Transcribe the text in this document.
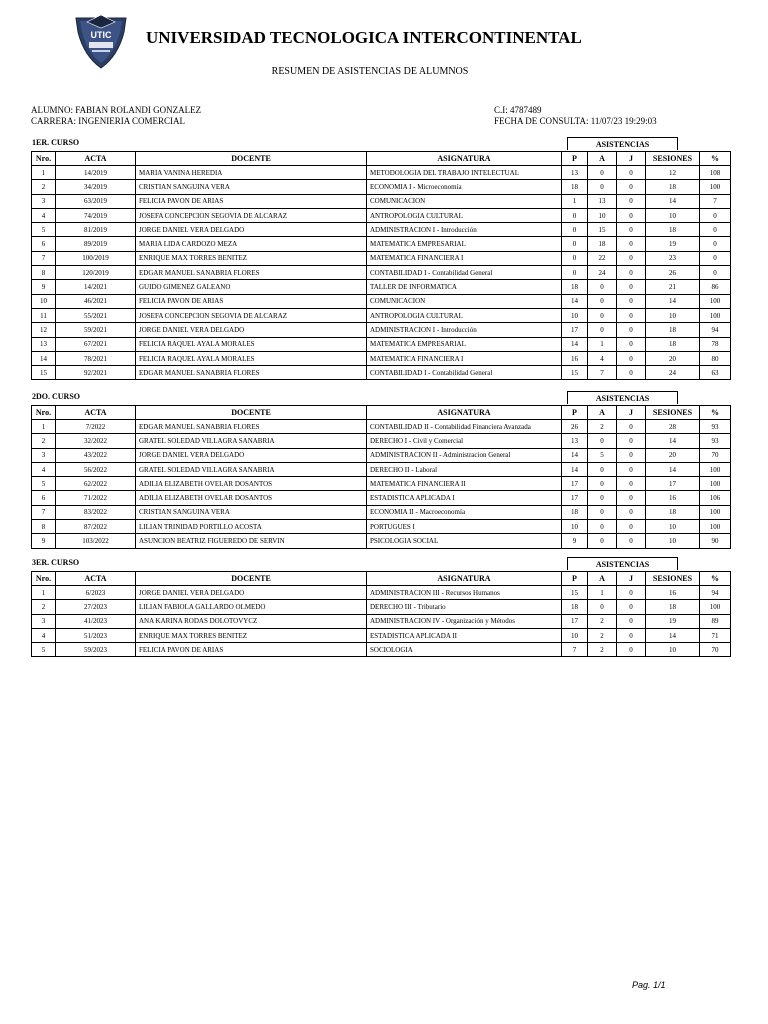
UTIC UNIVERSIDAD TECNOLOGICA INTERCONTINENTAL
RESUMEN DE ASISTENCIAS DE ALUMNOS
ALUMNO: FABIAN ROLANDI GONZALEZ
CARRERA: INGENIERIA COMERCIAL
C.I: 4787489
FECHA DE CONSULTA: 11/07/23 19:29:03
1ER. CURSO	ASISTENCIAS
Nro.	ACTA	DOCENTE	ASIGNATURA	P	A	J	SESIONES	%
1	14/2019	MARIA VANINA HEREDIA	METODOLOGIA DEL TRABAJO INTELECTUAL	13	0	0	12	108
2	34/2019	CRISTIAN SANGUINA VERA	ECONOMIA I - Microeconomía	18	0	0	18	100
3	63/2019	FELICIA PAVON DE ARIAS	COMUNICACION	1	13	0	14	7
4	74/2019	JOSEFA CONCEPCION SEGOVIA DE ALCARAZ	ANTROPOLOGIA CULTURAL	0	10	0	10	0
5	81/2019	JORGE DANIEL VERA DELGADO	ADMINISTRACION I - Introducción	0	15	0	18	0
6	89/2019	MARIA LIDA CARDOZO MEZA	MATEMATICA EMPRESARIAL	0	18	0	19	0
7	100/2019	ENRIQUE MAX TORRES BENITEZ	MATEMATICA FINANCIERA I	0	22	0	23	0
8	120/2019	EDGAR MANUEL SANABRIA FLORES	CONTABILIDAD I - Contabilidad General	0	24	0	26	0
9	14/2021	GUIDO GIMENEZ GALEANO	TALLER DE INFORMATICA	18	0	0	21	86
10	46/2021	FELICIA PAVON DE ARIAS	COMUNICACION	14	0	0	14	100
11	55/2021	JOSEFA CONCEPCION SEGOVIA DE ALCARAZ	ANTROPOLOGIA CULTURAL	10	0	0	10	100
12	59/2021	JORGE DANIEL VERA DELGADO	ADMINISTRACION I - Introducción	17	0	0	18	94
13	67/2021	FELICIA RAQUEL AYALA MORALES	MATEMATICA EMPRESARIAL	14	1	0	18	78
14	78/2021	FELICIA RAQUEL AYALA MORALES	MATEMATICA FINANCIERA I	16	4	0	20	80
15	92/2021	EDGAR MANUEL SANABRIA FLORES	CONTABILIDAD I - Contabilidad General	15	7	0	24	63
2DO. CURSO	ASISTENCIAS
Nro.	ACTA	DOCENTE	ASIGNATURA	P	A	J	SESIONES	%
1	7/2022	EDGAR MANUEL SANABRIA FLORES	CONTABILIDAD II - Contabilidad Financiera Avanzada	26	2	0	28	93
2	32/2022	GRATEL SOLEDAD VILLAGRA SANABRIA	DERECHO I - Civil y Comercial	13	0	0	14	93
3	43/2022	JORGE DANIEL VERA DELGADO	ADMINISTRACION II - Administracion General	14	5	0	20	70
4	56/2022	GRATEL SOLEDAD VILLAGRA SANABRIA	DERECHO II - Laboral	14	0	0	14	100
5	62/2022	ADILIA ELIZABETH OVELAR DOSANTOS	MATEMATICA FINANCIERA II	17	0	0	17	100
6	71/2022	ADILIA ELIZABETH OVELAR DOSANTOS	ESTADISTICA APLICADA I	17	0	0	16	106
7	83/2022	CRISTIAN SANGUINA VERA	ECONOMIA II - Macroeconomía	18	0	0	18	100
8	87/2022	LILIAN TRINIDAD PORTILLO ACOSTA	PORTUGUES I	10	0	0	10	100
9	103/2022	ASUNCION BEATRIZ FIGUEREDO DE SERVIN	PSICOLOGIA SOCIAL	9	0	0	10	90
3ER. CURSO	ASISTENCIAS
Nro.	ACTA	DOCENTE	ASIGNATURA	P	A	J	SESIONES	%
1	6/2023	JORGE DANIEL VERA DELGADO	ADMINISTRACION III - Recursos Humanos	15	1	0	16	94
2	27/2023	LILIAN FABIOLA GALLARDO OLMEDO	DERECHO III - Tributario	18	0	0	18	100
3	41/2023	ANA KARINA RODAS DOLOTOVYCZ	ADMINISTRACION IV - Organización y Métodos	17	2	0	19	89
4	51/2023	ENRIQUE MAX TORRES BENITEZ	ESTADISTICA APLICADA II	10	2	0	14	71
5	59/2023	FELICIA PAVON DE ARIAS	SOCIOLOGIA	7	2	0	10	70
Pag. 1/1
